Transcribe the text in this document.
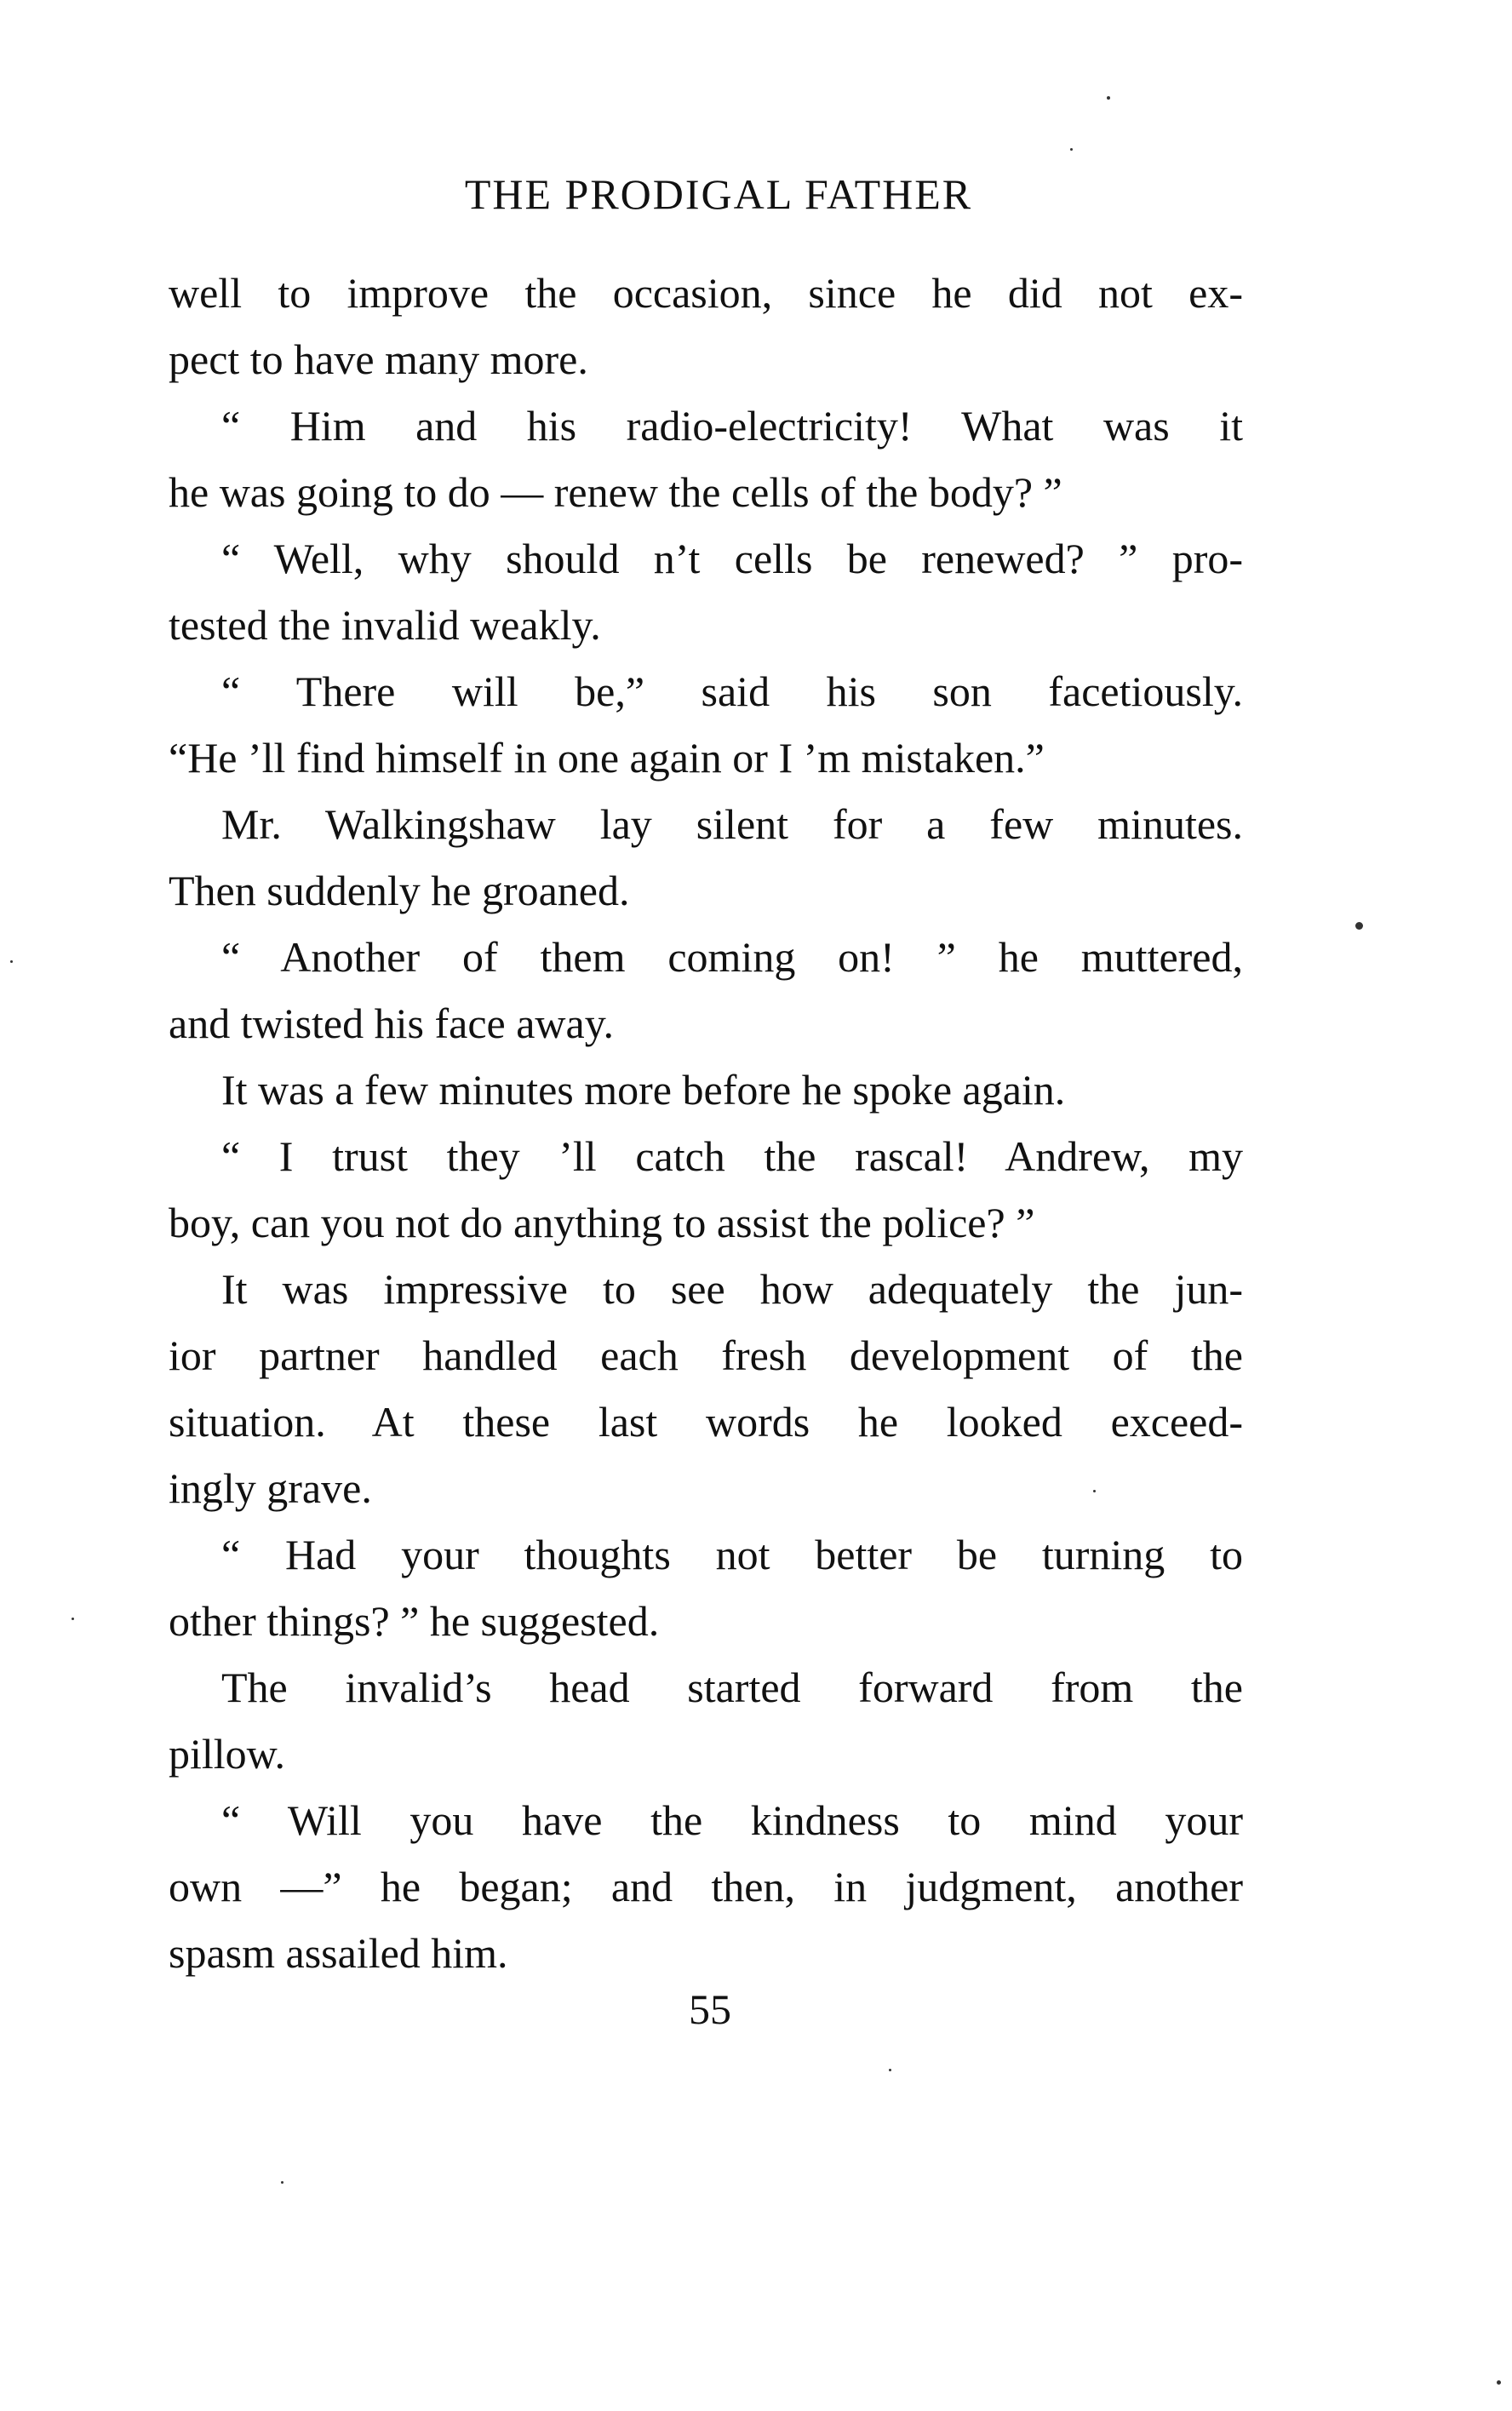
THE PRODIGAL FATHER
well to improve the occasion, since he did not ex-
pect to have many more.
“ Him and his radio-electricity! What was it
he was going to do — renew the cells of the body? ”
“ Well, why should n’t cells be renewed? ” pro-
tested the invalid weakly.
“ There will be,” said his son facetiously.
“He ’ll find himself in one again or I ’m mistaken.”
Mr. Walkingshaw lay silent for a few minutes.
Then suddenly he groaned.
“ Another of them coming on! ” he muttered,
and twisted his face away.
It was a few minutes more before he spoke again.
“ I trust they ’ll catch the rascal! Andrew, my
boy, can you not do anything to assist the police? ”
It was impressive to see how adequately the jun-
ior partner handled each fresh development of the
situation. At these last words he looked exceed-
ingly grave.
“ Had your thoughts not better be turning to
other things? ” he suggested.
The invalid’s head started forward from the
pillow.
“ Will you have the kindness to mind your
own —” he began; and then, in judgment, another
spasm assailed him.
55
